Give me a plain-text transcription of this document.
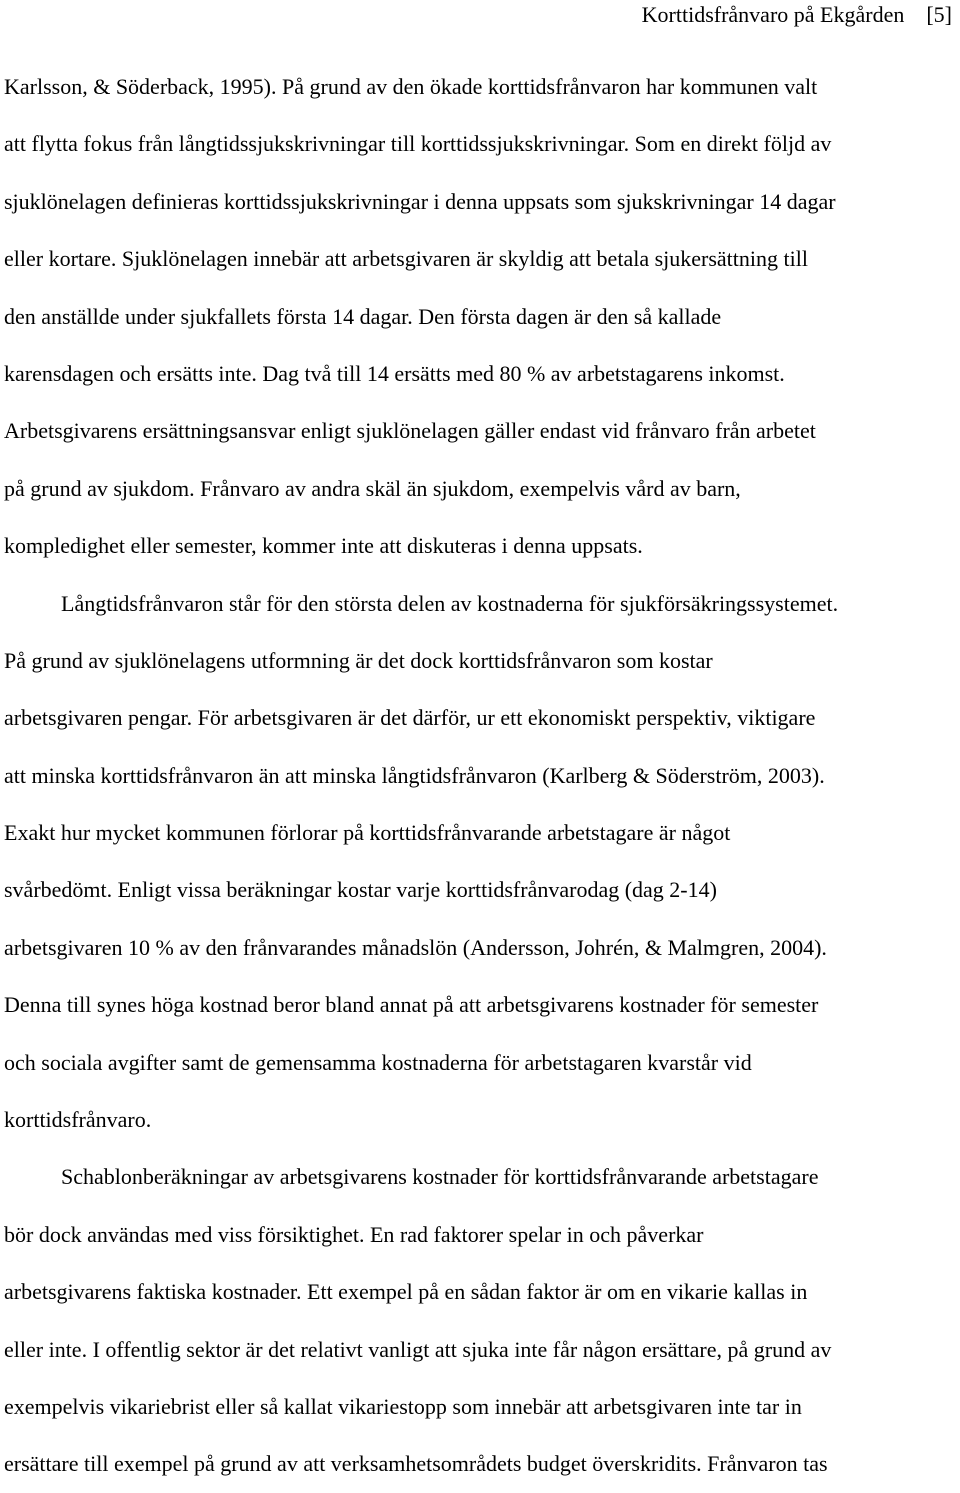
Korttidsfrånvaro på Ekgården [5]
Karlsson, & Söderback, 1995). På grund av den ökade korttidsfrånvaron har kommunen valt
att flytta fokus från långtidssjukskrivningar till korttidssjukskrivningar. Som en direkt följd av
sjuklönelagen definieras korttidssjukskrivningar i denna uppsats som sjukskrivningar 14 dagar
eller kortare. Sjuklönelagen innebär att arbetsgivaren är skyldig att betala sjukersättning till
den anställde under sjukfallets första 14 dagar. Den första dagen är den så kallade
karensdagen och ersätts inte. Dag två till 14 ersätts med 80 % av arbetstagarens inkomst.
Arbetsgivarens ersättningsansvar enligt sjuklönelagen gäller endast vid frånvaro från arbetet
på grund av sjukdom. Frånvaro av andra skäl än sjukdom, exempelvis vård av barn,
kompledighet eller semester, kommer inte att diskuteras i denna uppsats.
Långtidsfrånvaron står för den största delen av kostnaderna för sjukförsäkringssystemet.
På grund av sjuklönelagens utformning är det dock korttidsfrånvaron som kostar
arbetsgivaren pengar. För arbetsgivaren är det därför, ur ett ekonomiskt perspektiv, viktigare
att minska korttidsfrånvaron än att minska långtidsfrånvaron (Karlberg & Söderström, 2003).
Exakt hur mycket kommunen förlorar på korttidsfrånvarande arbetstagare är något
svårbedömt. Enligt vissa beräkningar kostar varje korttidsfrånvarodag (dag 2-14)
arbetsgivaren 10 % av den frånvarandes månadslön (Andersson, Johrén, & Malmgren, 2004).
Denna till synes höga kostnad beror bland annat på att arbetsgivarens kostnader för semester
och sociala avgifter samt de gemensamma kostnaderna för arbetstagaren kvarstår vid
korttidsfrånvaro.
Schablonberäkningar av arbetsgivarens kostnader för korttidsfrånvarande arbetstagare
bör dock användas med viss försiktighet. En rad faktorer spelar in och påverkar
arbetsgivarens faktiska kostnader. Ett exempel på en sådan faktor är om en vikarie kallas in
eller inte. I offentlig sektor är det relativt vanligt att sjuka inte får någon ersättare, på grund av
exempelvis vikariebrist eller så kallat vikariestopp som innebär att arbetsgivaren inte tar in
ersättare till exempel på grund av att verksamhetsområdets budget överskridits. Frånvaron tas
